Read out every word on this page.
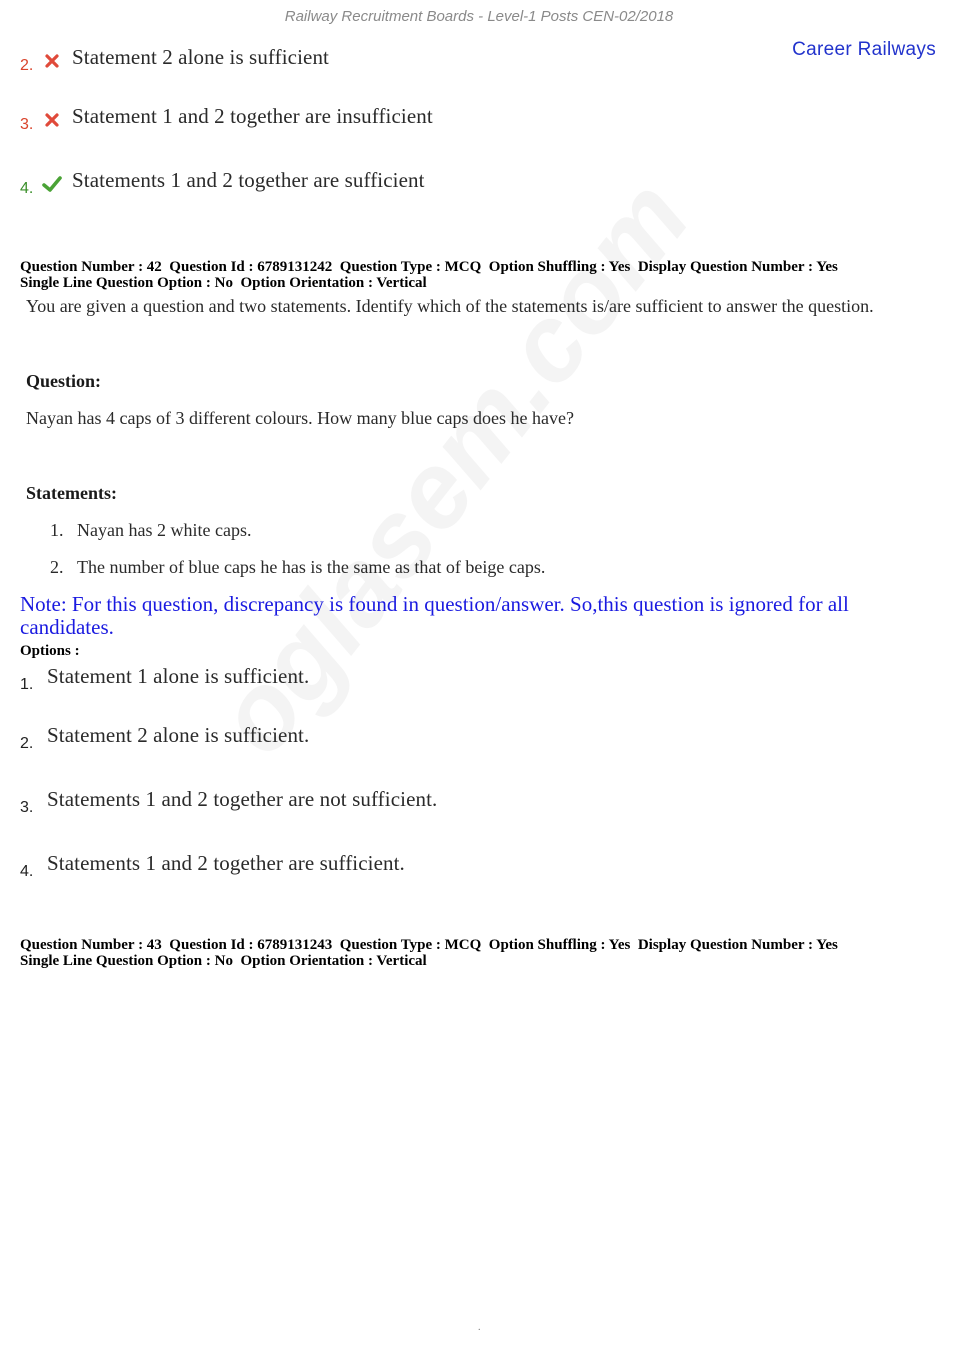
Railway Recruitment Boards - Level-1 Posts CEN-02/2018
Career Railways
2.	Statement 2 alone is sufficient
3.	Statement 1 and 2 together are insufficient
4.	Statements 1 and 2 together are sufficient
Question Number : 42  Question Id : 6789131242  Question Type : MCQ  Option Shuffling : Yes  Display Question Number : Yes
Single Line Question Option : No  Option Orientation : Vertical
You are given a question and two statements. Identify which of the statements is/are sufficient to answer the question.
Question:
Nayan has 4 caps of 3 different colours. How many blue caps does he have?
Statements:
1. Nayan has 2 white caps.
2. The number of blue caps he has is the same as that of beige caps.
Note: For this question, discrepancy is found in question/answer. So,this question is ignored for all candidates.
Options :
1. Statement 1 alone is sufficient.
2. Statement 2 alone is sufficient.
3. Statements 1 and 2 together are not sufficient.
4. Statements 1 and 2 together are sufficient.
Question Number : 43  Question Id : 6789131243  Question Type : MCQ  Option Shuffling : Yes  Display Question Number : Yes
Single Line Question Option : No  Option Orientation : Vertical
.
